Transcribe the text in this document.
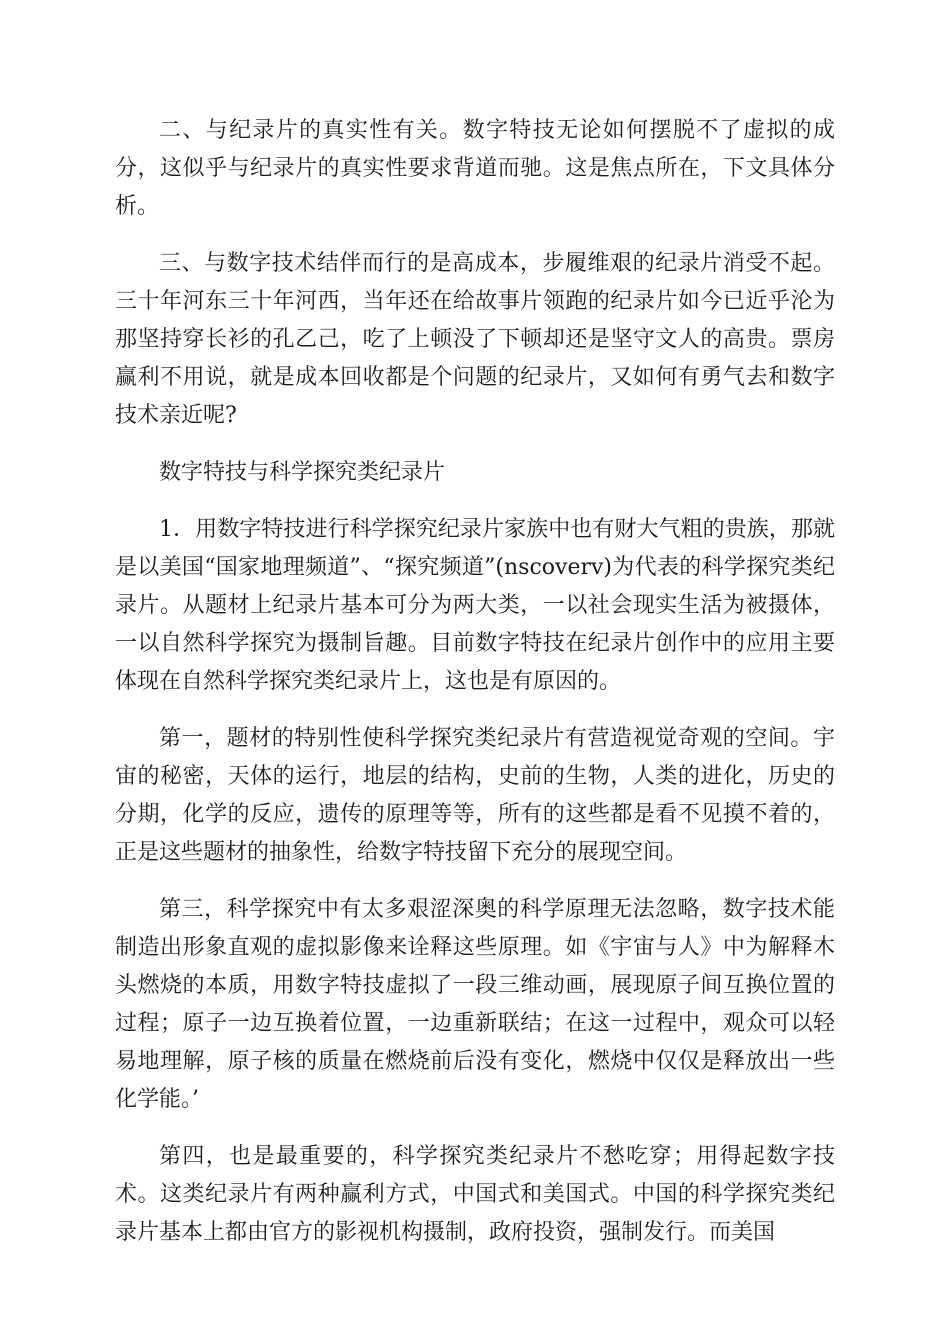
二、与纪录片的真实性有关。数字特技无论如何摆脱不了虚拟的成分，这似乎与纪录片的真实性要求背道而驰。这是焦点所在，下文具体分析。

三、与数字技术结伴而行的是高成本，步履维艰的纪录片消受不起。三十年河东三十年河西，当年还在给故事片领跑的纪录片如今已近乎沦为那坚持穿长衫的孔乙己，吃了上顿没了下顿却还是坚守文人的高贵。票房赢利不用说，就是成本回收都是个问题的纪录片，又如何有勇气去和数字技术亲近呢?

数字特技与科学探究类纪录片

1．用数字特技进行科学探究纪录片家族中也有财大气粗的贵族，那就是以美国“国家地理频道”、“探究频道”(nscoverv)为代表的科学探究类纪录片。从题材上纪录片基本可分为两大类，一以社会现实生活为被摄体，一以自然科学探究为摄制旨趣。目前数字特技在纪录片创作中的应用主要体现在自然科学探究类纪录片上，这也是有原因的。

第一，题材的特别性使科学探究类纪录片有营造视觉奇观的空间。宇宙的秘密，天体的运行，地层的结构，史前的生物，人类的进化，历史的分期，化学的反应，遗传的原理等等，所有的这些都是看不见摸不着的，正是这些题材的抽象性，给数字特技留下充分的展现空间。

第三，科学探究中有太多艰涩深奥的科学原理无法忽略，数字技术能制造出形象直观的虚拟影像来诠释这些原理。如《宇宙与人》中为解释木头燃烧的本质，用数字特技虚拟了一段三维动画，展现原子间互换位置的过程；原子一边互换着位置，一边重新联结；在这一过程中，观众可以轻易地理解，原子核的质量在燃烧前后没有变化，燃烧中仅仅是释放出一些化学能。’

第四，也是最重要的，科学探究类纪录片不愁吃穿；用得起数字技术。这类纪录片有两种赢利方式，中国式和美国式。中国的科学探究类纪录片基本上都由官方的影视机构摄制，政府投资，强制发行。而美国
